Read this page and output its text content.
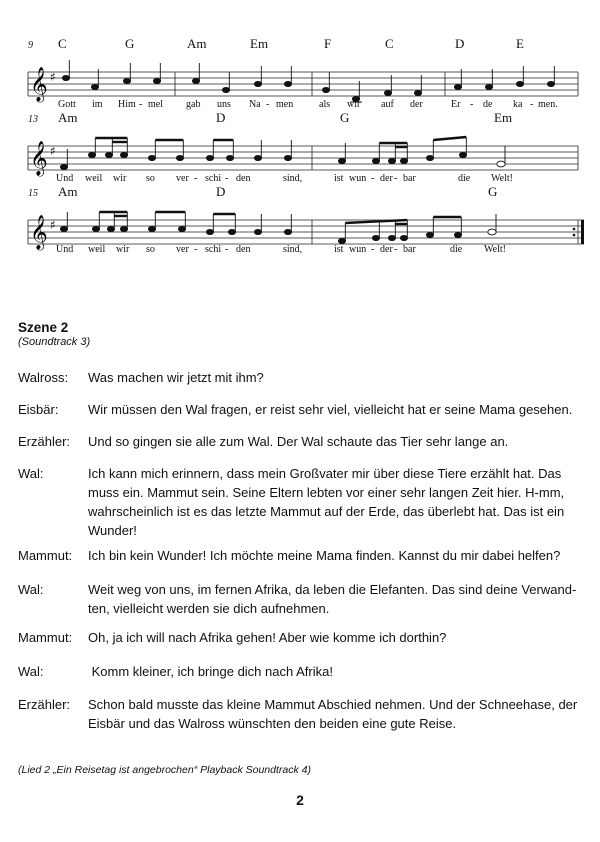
9 C	G	Am	Em	F	C	D	E
𝄞 ♯
Gott im Him - mel gab uns Na - men	als wir auf der	Er - de ka - men.
13 Am	D	G	Em
𝄞 ♯
Und weil wir so ver - schi - den	sind,	ist wun - der - bar	die Welt!
15 Am	D	G
𝄞 ♯
Und weil wir so ver - schi - den	sind,	ist wun - der - bar	die Welt!
Szene 2
(Soundtrack 3)
Walross:	Was machen wir jetzt mit ihm?
Eisbär:	Wir müssen den Wal fragen, er reist sehr viel, vielleicht hat er seine Mama gesehen.
Erzähler:	Und so gingen sie alle zum Wal. Der Wal schaute das Tier sehr lange an.
Wal:	Ich kann mich erinnern, dass mein Großvater mir über diese Tiere erzählt hat. Das muss ein. Mammut sein. Seine Eltern lebten vor einer sehr langen Zeit hier. H-mm, wahrscheinlich ist es das letzte Mammut auf der Erde, das überlebt hat. Das ist ein Wunder!
Mammut:	Ich bin kein Wunder! Ich möchte meine Mama finden. Kannst du mir dabei helfen?
Wal:	Weit weg von uns, im fernen Afrika, da leben die Elefanten. Das sind deine Verwand-ten, vielleicht werden sie dich aufnehmen.
Mammut:	Oh, ja ich will nach Afrika gehen! Aber wie komme ich dorthin?
Wal:	Komm kleiner, ich bringe dich nach Afrika!
Erzähler:	Schon bald musste das kleine Mammut Abschied nehmen. Und der Schneehase, der Eisbär und das Walross wünschten den beiden eine gute Reise.
(Lied 2 „Ein Reisetag ist angebrochen“ Playback Soundtrack 4)
2
